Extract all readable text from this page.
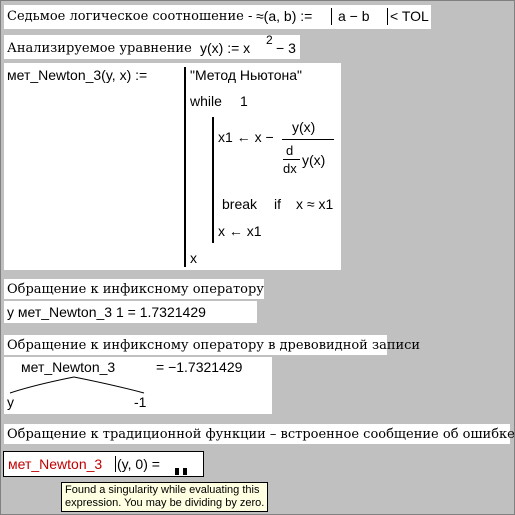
Седьмое логическое соотношение - ≈(a, b) := a − b < TOL
Анализируемое уравнение y(x) := x 2 − 3
мет_Newton_3(y, x) :=	"Метод Ньютона"
while 1
x1 ← x −
y(x)
d
dx
y(x)
break if x ≈ x1
x ← x1
x
Обращение к инфиксному оператору
y мет_Newton_3 1 = 1.7321429
Обращение к инфиксному оператору в древовидной записи
мет_Newton_3	= −1.7321429
y	-1
Обращение к традиционной функции – встроенное сообщение об ошибке
мет_Newton_3 (y, 0) =
Found a singularity while evaluating this
expression. You may be dividing by zero.
